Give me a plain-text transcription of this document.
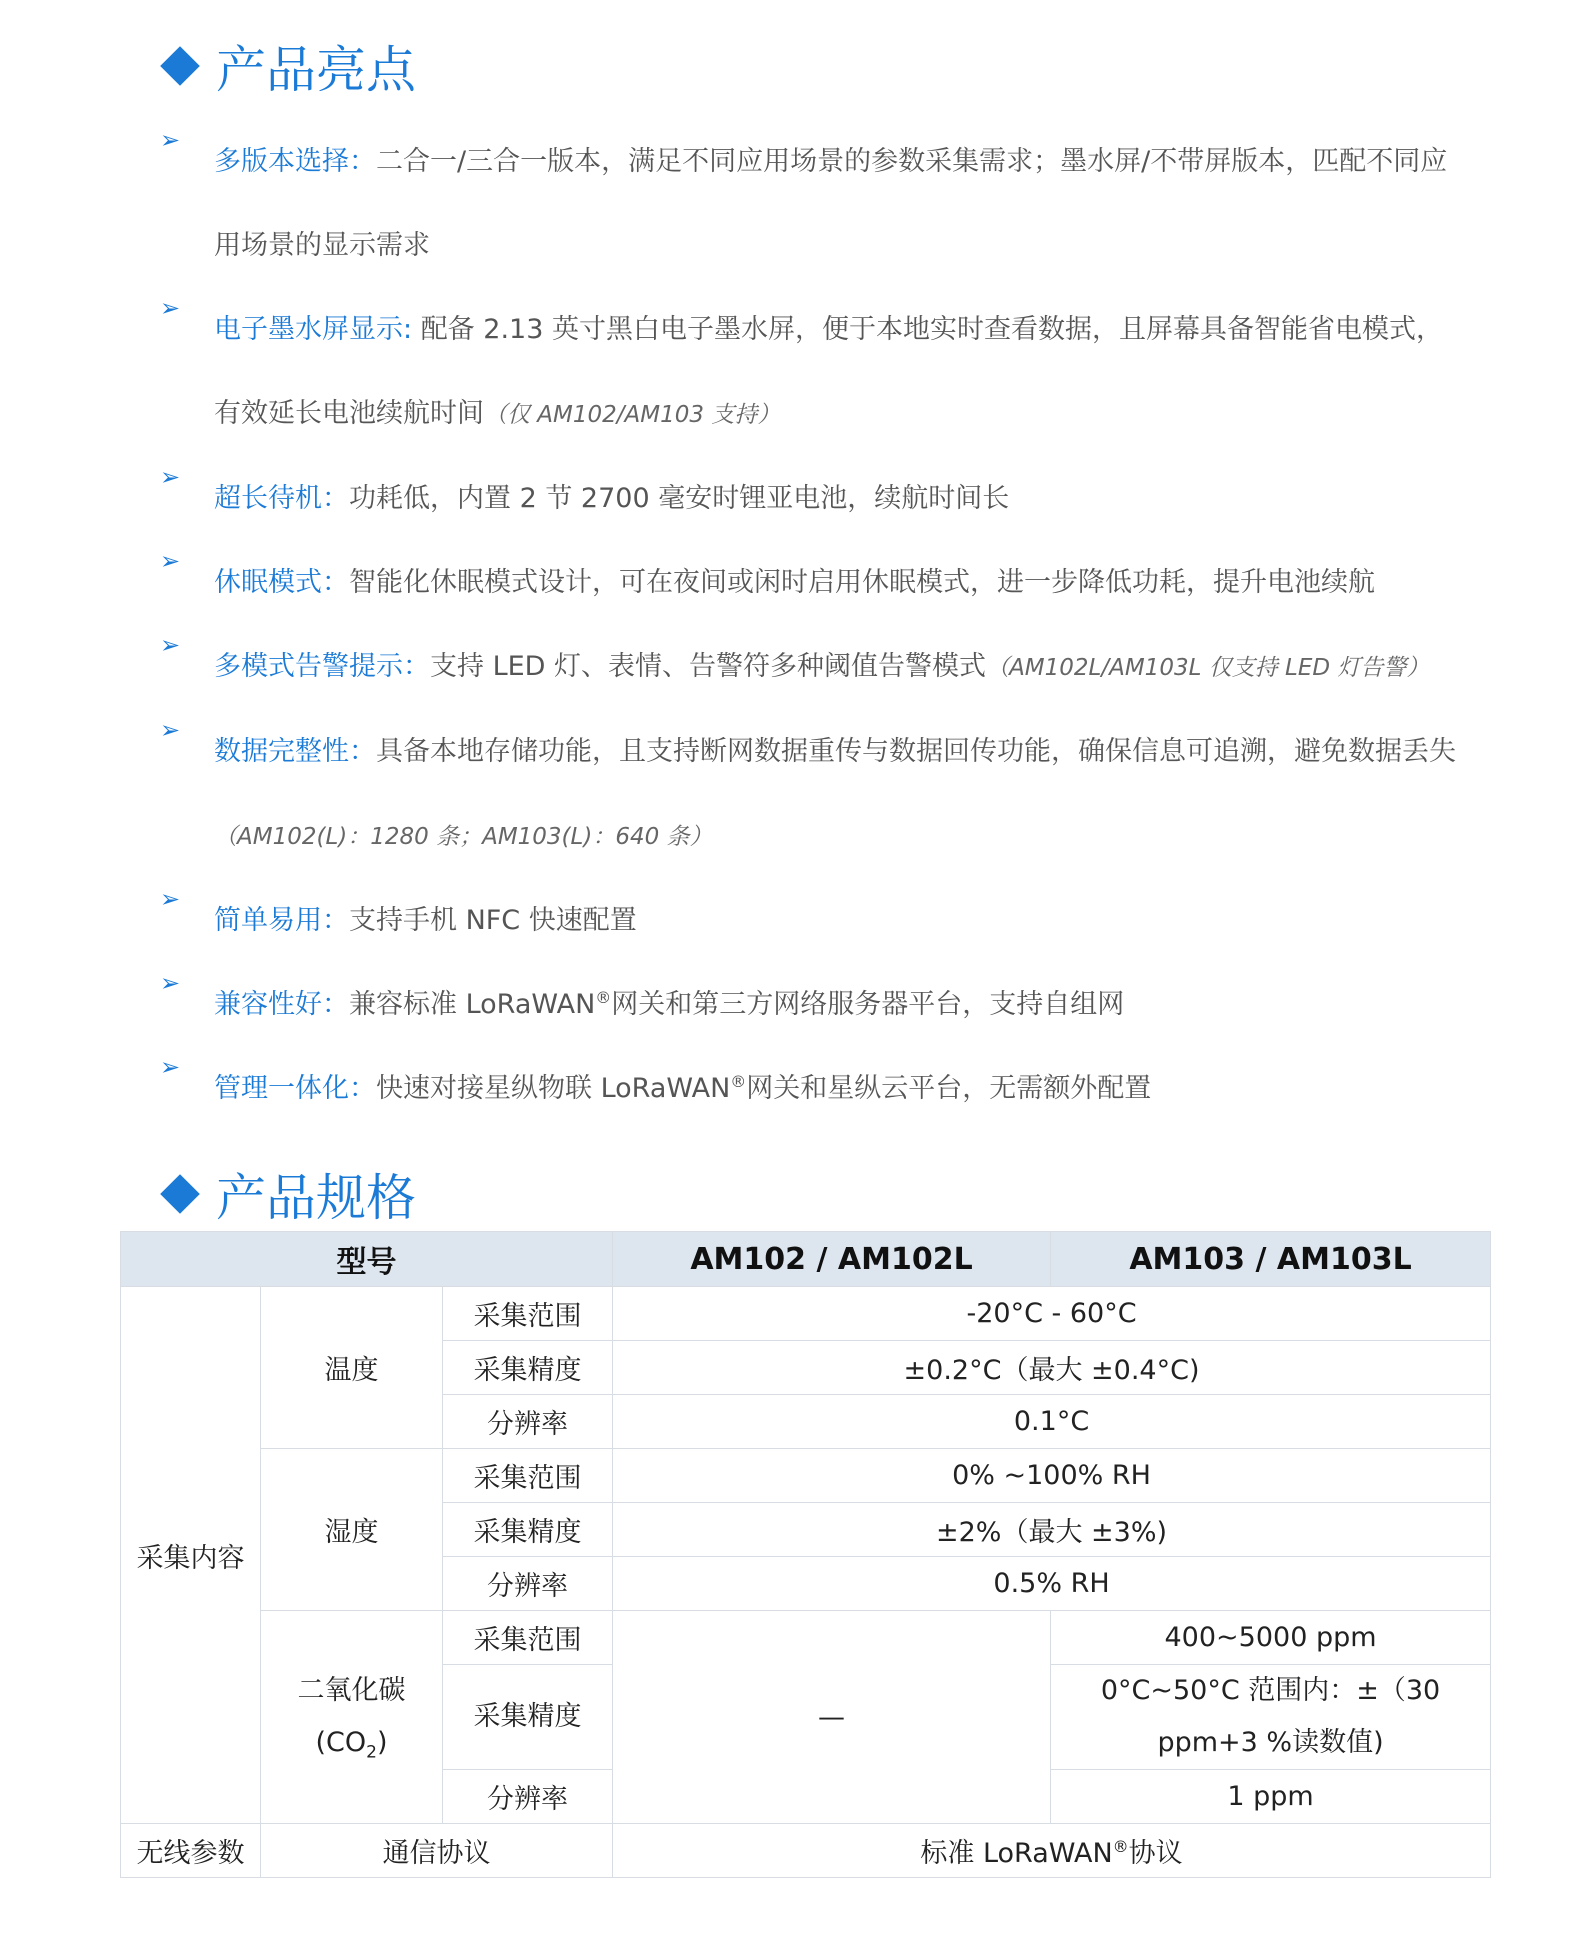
产品亮点
➢
多版本选择：二合一/三合一版本，满足不同应用场景的参数采集需求；墨水屏/不带屏版本，匹配不同应用场景的显示需求
➢
电子墨水屏显示: 配备 2.13 英寸黑白电子墨水屏，便于本地实时查看数据，且屏幕具备智能省电模式，有效延长电池续航时间（仅 AM102/AM103 支持）
➢
超长待机：功耗低，内置 2 节 2700 毫安时锂亚电池，续航时间长
➢
休眠模式：智能化休眠模式设计，可在夜间或闲时启用休眠模式，进一步降低功耗，提升电池续航
➢
多模式告警提示：支持 LED 灯、表情、告警符多种阈值告警模式（AM102L/AM103L 仅支持 LED 灯告警）
➢
数据完整性：具备本地存储功能，且支持断网数据重传与数据回传功能，确保信息可追溯，避免数据丢失（AM102(L)：1280 条；AM103(L)：640 条）
➢
简单易用：支持手机 NFC 快速配置
➢
兼容性好：兼容标准 LoRaWAN®网关和第三方网络服务器平台，支持自组网
➢
管理一体化：快速对接星纵物联 LoRaWAN®网关和星纵云平台，无需额外配置
产品规格
型号			AM102 / AM102L	AM103 / AM103L
采集内容	温度	采集范围	-20°C - 60°C	
		采集精度	±0.2°C（最大 ±0.4°C)	
		分辨率	0.1°C	
	湿度	采集范围	0% ~100% RH	
		采集精度	±2%（最大 ±3%)	
		分辨率	0.5% RH	
	二氧化碳
$(CO_2)$	采集范围	—	400~5000 ppm
		采集精度		0°C~50°C 范围内：±（30
ppm+3 %读数值)

		分辨率		1 ppm
无线参数	通信协议		标准 LoRaWAN®协议	
